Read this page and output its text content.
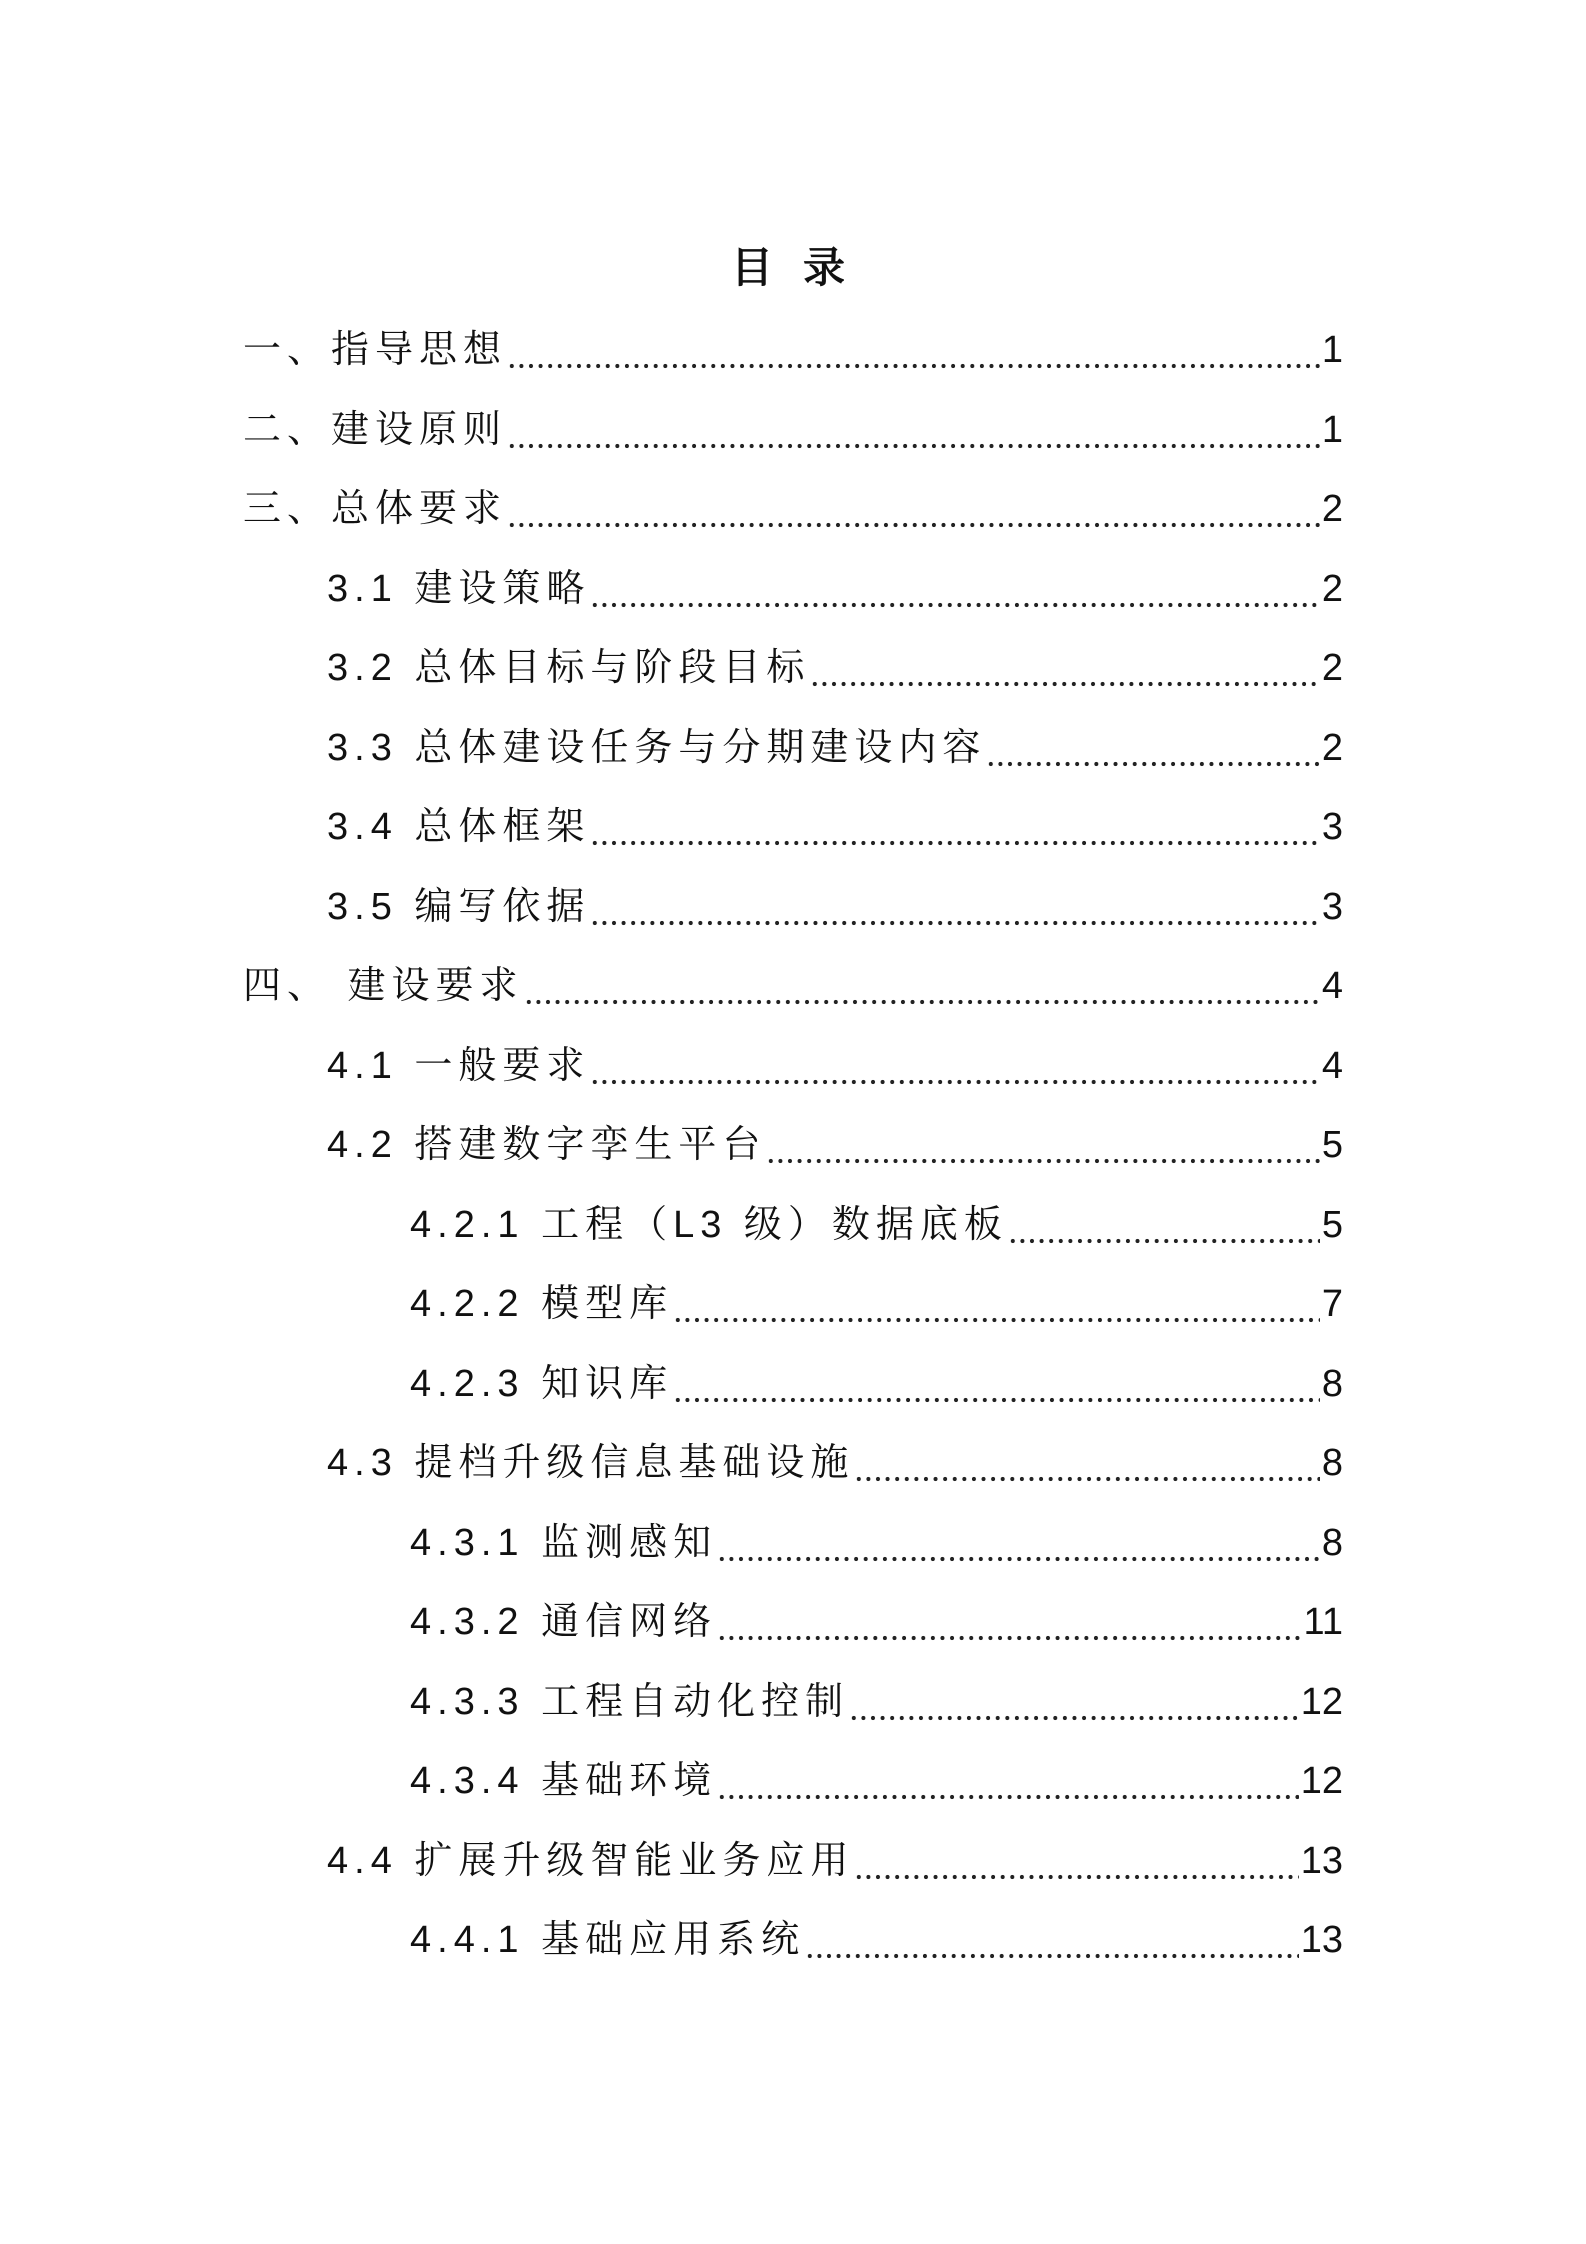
目录
一、指导思想	1
二、建设原则	1
三、总体要求	2
3.1 建设策略	2
3.2 总体目标与阶段目标	2
3.3 总体建设任务与分期建设内容	2
3.4 总体框架	3
3.5 编写依据	3
四、 建设要求	4
4.1 一般要求	4
4.2 搭建数字孪生平台	5
4.2.1 工程（L3 级）数据底板	5
4.2.2 模型库	7
4.2.3 知识库	8
4.3 提档升级信息基础设施	8
4.3.1 监测感知	8
4.3.2 通信网络	11
4.3.3 工程自动化控制	12
4.3.4 基础环境	12
4.4 扩展升级智能业务应用	13
4.4.1 基础应用系统	13
